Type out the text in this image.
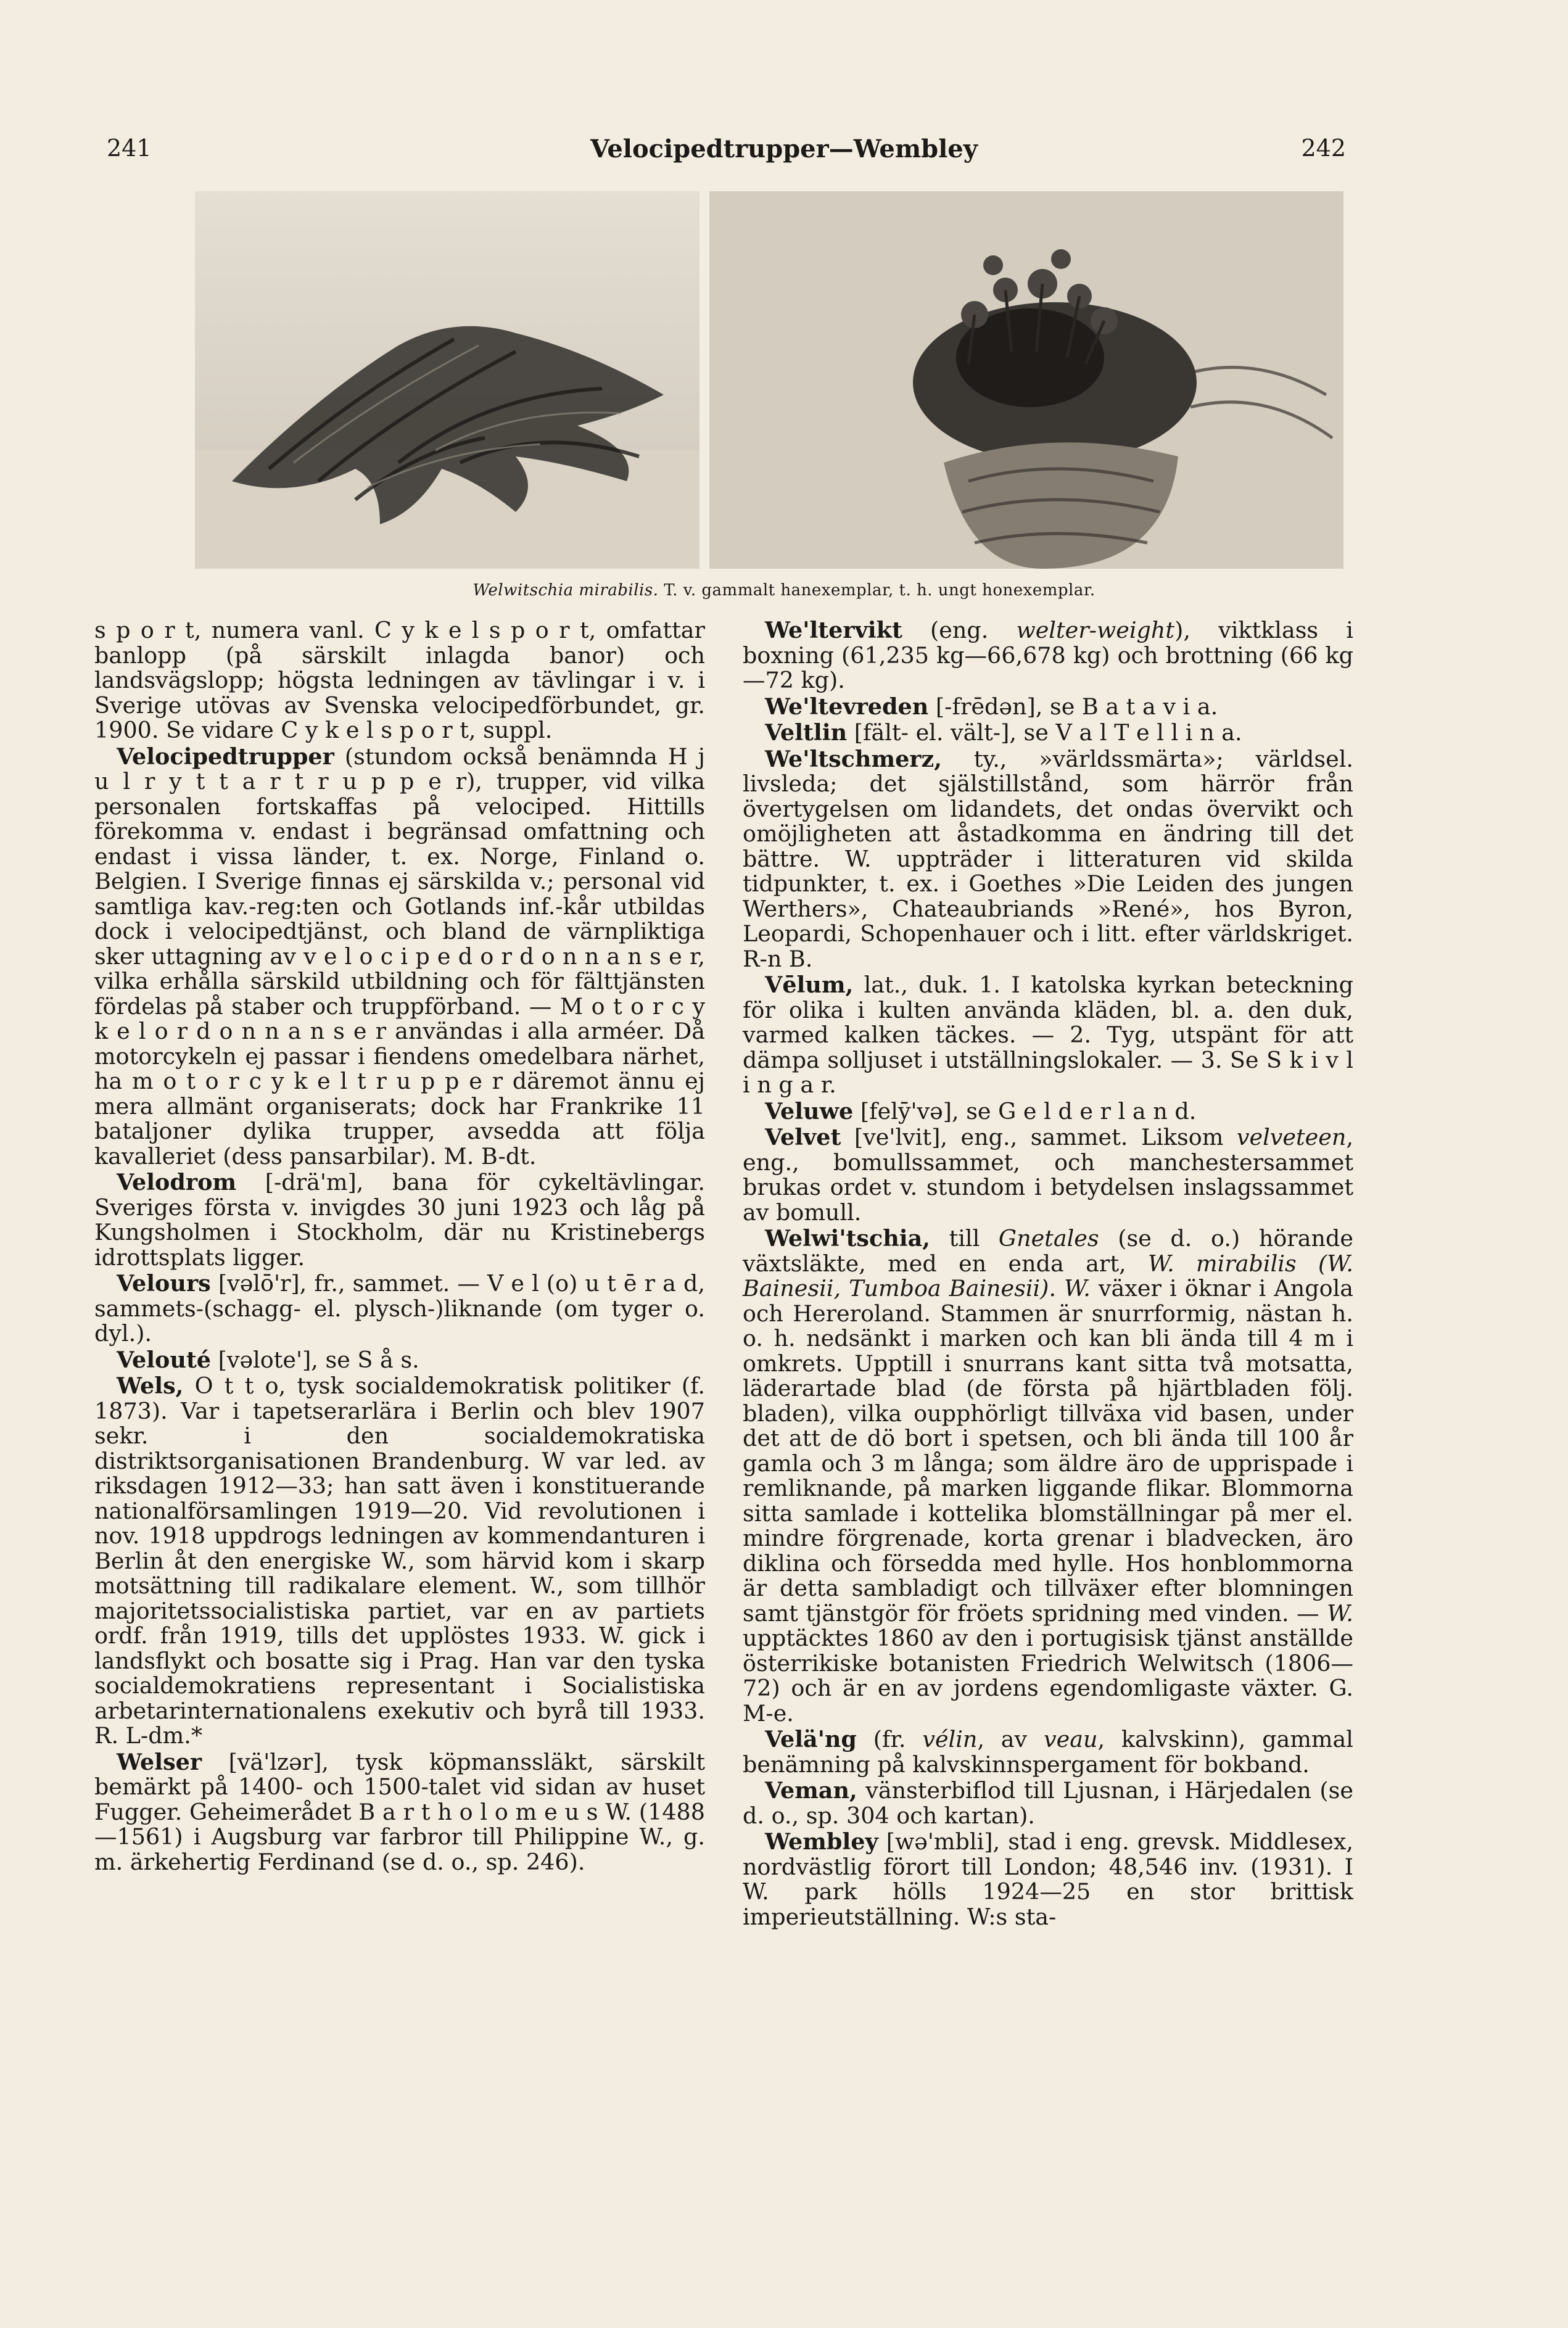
241	Velocipedtrupper—Wembley	242
Welwitschia mirabilis. T. v. gammalt hanexemplar, t. h. ungt honexemplar.

s p o r t, numera vanl. C y k e l s p o r t, omfattar banlopp (på särskilt inlagda banor) och landsvägslopp; högsta ledningen av tävlingar i v. i Sverige utövas av Svenska velocipedförbundet, gr. 1900. Se vidare C y k e l s p o r t, suppl.

Velocipedtrupper (stundom också benämnda H j u l r y t t a r t r u p p e r), trupper, vid vilka personalen fortskaffas på velociped. Hittills förekomma v. endast i begränsad omfattning och endast i vissa länder, t. ex. Norge, Finland o. Belgien. I Sverige finnas ej särskilda v.; personal vid samtliga kav.-reg:ten och Gotlands inf.-kår utbildas dock i velocipedtjänst, och bland de värnpliktiga sker uttagning av v e l o c i p e d o r d o n n a n s e r, vilka erhålla särskild utbildning och för fälttjänsten fördelas på staber och truppförband. — M o t o r c y k e l o r d o n n a n s e r användas i alla arméer. Då motorcykeln ej passar i fiendens omedelbara närhet, ha m o t o r c y k e l t r u p p e r däremot ännu ej mera allmänt organiserats; dock har Frankrike 11 bataljoner dylika trupper, avsedda att följa kavalleriet (dess pansarbilar). M. B-dt.

Velodrom [-drä'm], bana för cykeltävlingar. Sveriges första v. invigdes 30 juni 1923 och låg på Kungsholmen i Stockholm, där nu Kristinebergs idrottsplats ligger.

Velours [vəlō'r], fr., sammet. — V e l (o) u t ē r a d, sammets-(schagg- el. plysch-)liknande (om tyger o. dyl.).

Velouté [vəlote'], se S å s.

Wels, O t t o, tysk socialdemokratisk politiker (f. 1873). Var i tapetserarlära i Berlin och blev 1907 sekr. i den socialdemokratiska distriktsorganisationen Brandenburg. W var led. av riksdagen 1912—33; han satt även i konstituerande nationalförsamlingen 1919—20. Vid revolutionen i nov. 1918 uppdrogs ledningen av kommendanturen i Berlin åt den energiske W., som härvid kom i skarp motsättning till radikalare element. W., som tillhör majoritetssocialistiska partiet, var en av partiets ordf. från 1919, tills det upplöstes 1933. W. gick i landsflykt och bosatte sig i Prag. Han var den tyska socialdemokratiens representant i Socialistiska arbetarinternationalens exekutiv och byrå till 1933. R. L-dm.*

Welser [vä'lzər], tysk köpmanssläkt, särskilt bemärkt på 1400- och 1500-talet vid sidan av huset Fugger. Geheimerådet B a r t h o l o m e u s W. (1488—1561) i Augsburg var farbror till Philippine W., g. m. ärkehertig Ferdinand (se d. o., sp. 246).

We'ltervikt (eng. welter-weight), viktklass i boxning (61,235 kg—66,678 kg) och brottning (66 kg—72 kg).

We'ltevreden [-frēdən], se B a t a v i a.

Veltlin [fält- el. vält-], se V a l T e l l i n a.

We'ltschmerz, ty., »världssmärta»; världsel. livsleda; det själstillstånd, som härrör från övertygelsen om lidandets, det ondas övervikt och omöjligheten att åstadkomma en ändring till det bättre. W. uppträder i litteraturen vid skilda tidpunkter, t. ex. i Goethes »Die Leiden des jungen Werthers», Chateaubriands »René», hos Byron, Leopardi, Schopenhauer och i litt. efter världskriget. R-n B.

Vēlum, lat., duk. 1. I katolska kyrkan beteckning för olika i kulten använda kläden, bl. a. den duk, varmed kalken täckes. — 2. Tyg, utspänt för att dämpa solljuset i utställningslokaler. — 3. Se S k i v l i n g a r.

Veluwe [felȳ'və], se G e l d e r l a n d.

Velvet [ve'lvit], eng., sammet. Liksom velveteen, eng., bomullssammet, och manchestersammet brukas ordet v. stundom i betydelsen inslagssammet av bomull.

Welwi'tschia, till Gnetales (se d. o.) hörande växtsläkte, med en enda art, W. mirabilis (W. Bainesii, Tumboa Bainesii). W. växer i öknar i Angola och Hereroland. Stammen är snurrformig, nästan h. o. h. nedsänkt i marken och kan bli ända till 4 m i omkrets. Upptill i snurrans kant sitta två motsatta, läderartade blad (de första på hjärtbladen följ. bladen), vilka oupphörligt tillväxa vid basen, under det att de dö bort i spetsen, och bli ända till 100 år gamla och 3 m långa; som äldre äro de upprispade i remliknande, på marken liggande flikar. Blommorna sitta samlade i kottelika blomställningar på mer el. mindre förgrenade, korta grenar i bladvecken, äro diklina och försedda med hylle. Hos honblommorna är detta sambladigt och tillväxer efter blomningen samt tjänstgör för fröets spridning med vinden. — W. upptäcktes 1860 av den i portugisisk tjänst anställde österrikiske botanisten Friedrich Welwitsch (1806—72) och är en av jordens egendomligaste växter. G. M-e.

Velä'ng (fr. vélin, av veau, kalvskinn), gammal benämning på kalvskinnspergament för bokband.

Veman, vänsterbiflod till Ljusnan, i Härjedalen (se d. o., sp. 304 och kartan).

Wembley [wə'mbli], stad i eng. grevsk. Middlesex, nordvästlig förort till London; 48,546 inv. (1931). I W. park hölls 1924—25 en stor brittisk imperieutställning. W:s sta-
